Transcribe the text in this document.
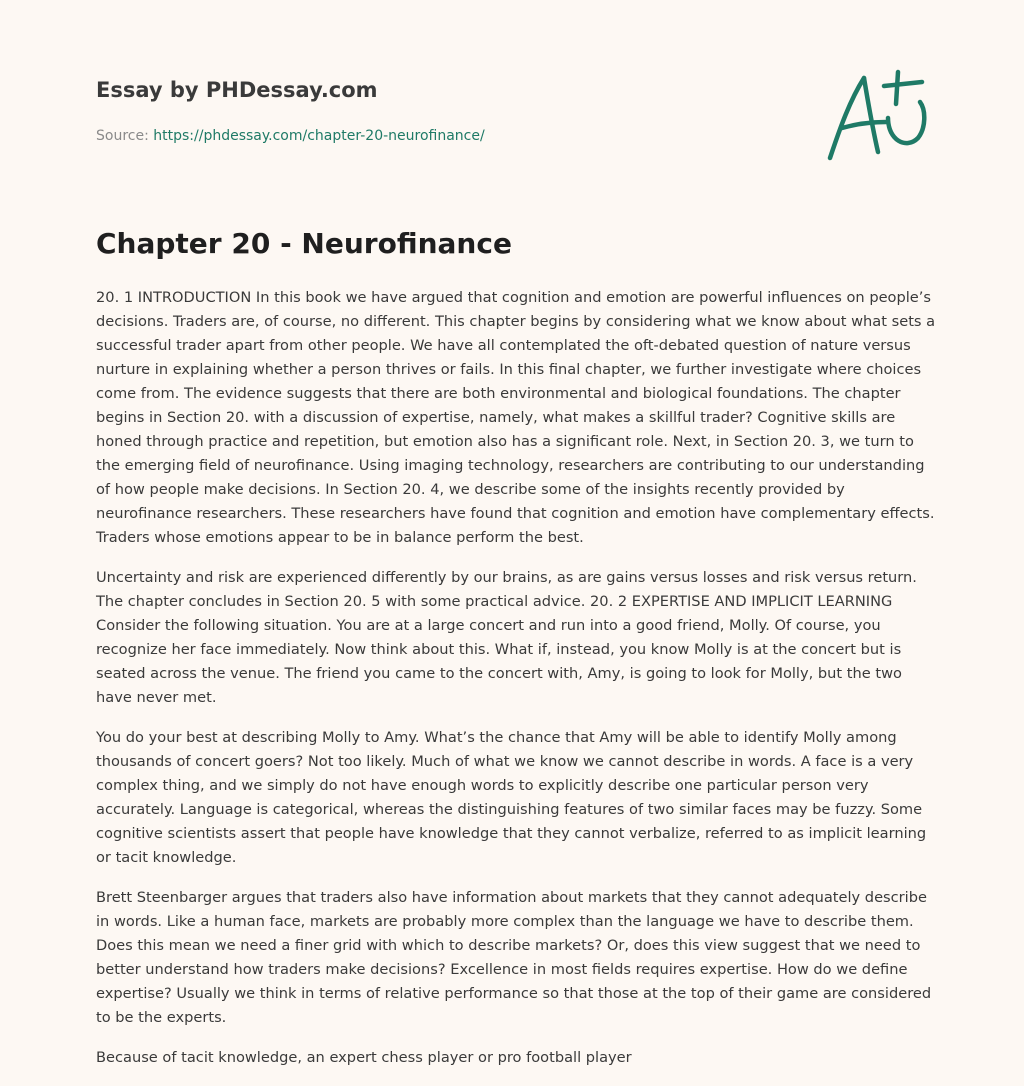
Essay by PHDessay.com
Source: https://phdessay.com/chapter-20-neurofinance/
Chapter 20 - Neurofinance

20. 1 INTRODUCTION In this book we have argued that cognition and emotion are powerful influences on people’s decisions. Traders are, of course, no different. This chapter begins by considering what we know about what sets a successful trader apart from other people. We have all contemplated the oft-debated question of nature versus nurture in explaining whether a person thrives or fails. In this final chapter, we further investigate where choices come from. The evidence suggests that there are both environmental and biological foundations. The chapter begins in Section 20. with a discussion of expertise, namely, what makes a skillful trader? Cognitive skills are honed through practice and repetition, but emotion also has a significant role. Next, in Section 20. 3, we turn to the emerging field of neurofinance. Using imaging technology, researchers are contributing to our understanding of how people make decisions. In Section 20. 4, we describe some of the insights recently provided by neurofinance researchers. These researchers have found that cognition and emotion have complementary effects. Traders whose emotions appear to be in balance perform the best.

Uncertainty and risk are experienced differently by our brains, as are gains versus losses and risk versus return. The chapter concludes in Section 20. 5 with some practical advice. 20. 2 EXPERTISE AND IMPLICIT LEARNING Consider the following situation. You are at a large concert and run into a good friend, Molly. Of course, you recognize her face immediately. Now think about this. What if, instead, you know Molly is at the concert but is seated across the venue. The friend you came to the concert with, Amy, is going to look for Molly, but the two have never met.

You do your best at describing Molly to Amy. What’s the chance that Amy will be able to identify Molly among thousands of concert goers? Not too likely. Much of what we know we cannot describe in words. A face is a very complex thing, and we simply do not have enough words to explicitly describe one particular person very accurately. Language is categorical, whereas the distinguishing features of two similar faces may be fuzzy. Some cognitive scientists assert that people have knowledge that they cannot verbalize, referred to as implicit learning or tacit knowledge.

Brett Steenbarger argues that traders also have information about markets that they cannot adequately describe in words. Like a human face, markets are probably more complex than the language we have to describe them. Does this mean we need a finer grid with which to describe markets? Or, does this view suggest that we need to better understand how traders make decisions? Excellence in most fields requires expertise. How do we define expertise? Usually we think in terms of relative performance so that those at the top of their game are considered to be the experts.

Because of tacit knowledge, an expert chess player or pro football player
